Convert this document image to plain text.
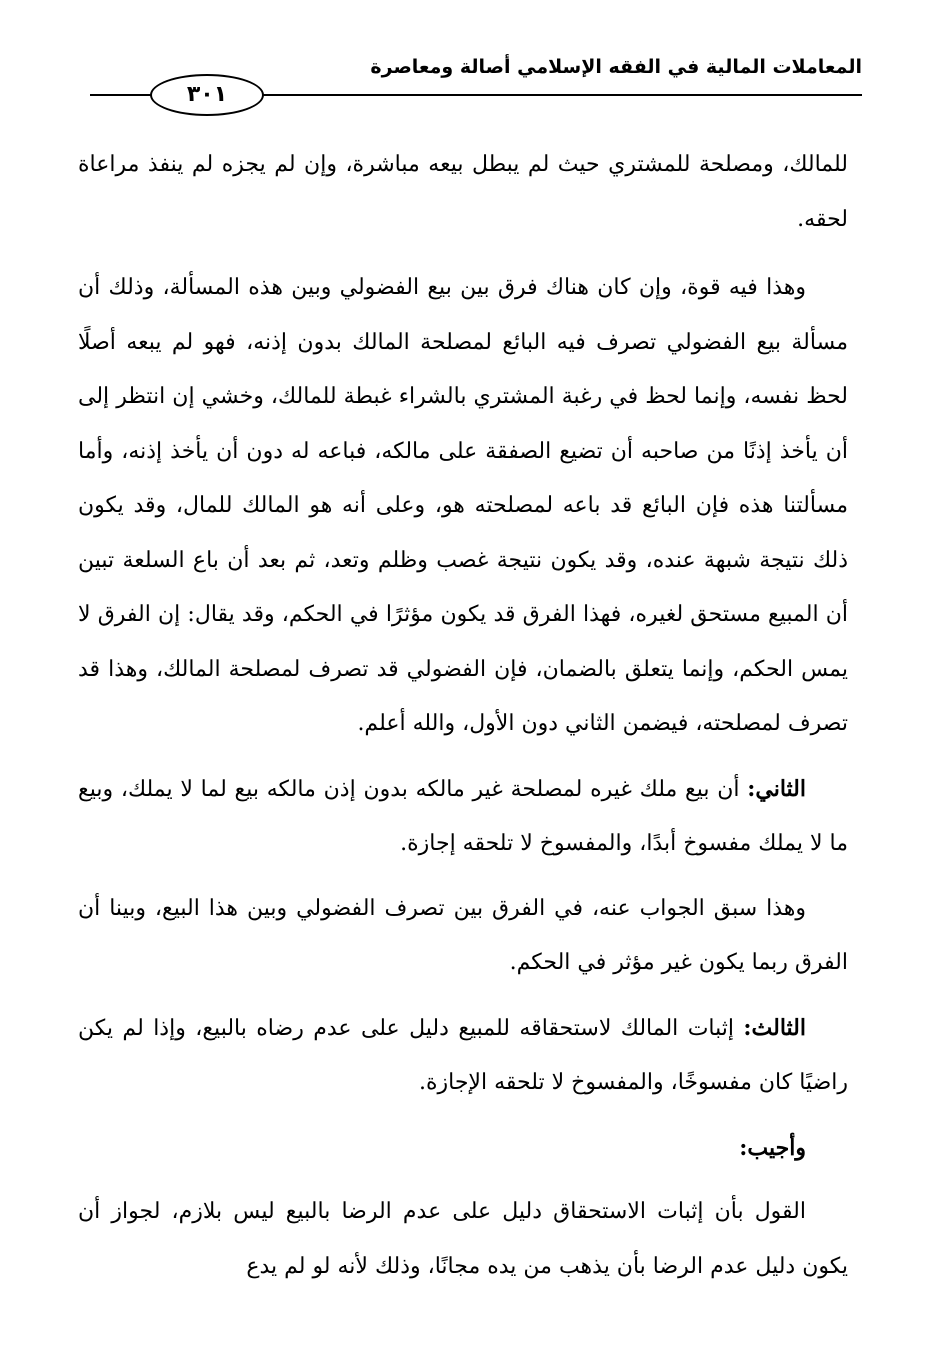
المعاملات المالية في الفقه الإسلامي أصالة ومعاصرة
٣٠١

للمالك، ومصلحة للمشتري حيث لم يبطل بيعه مباشرة، وإن لم يجزه لم ينفذ مراعاة لحقه.

وهذا فيه قوة، وإن كان هناك فرق بين بيع الفضولي وبين هذه المسألة، وذلك أن مسألة بيع الفضولي تصرف فيه البائع لمصلحة المالك بدون إذنه، فهو لم يبعه أصلًا لحظ نفسه، وإنما لحظ في رغبة المشتري بالشراء غبطة للمالك، وخشي إن انتظر إلى أن يأخذ إذنًا من صاحبه أن تضيع الصفقة على مالكه، فباعه له دون أن يأخذ إذنه، وأما مسألتنا هذه فإن البائع قد باعه لمصلحته هو، وعلى أنه هو المالك للمال، وقد يكون ذلك نتيجة شبهة عنده، وقد يكون نتيجة غصب وظلم وتعد، ثم بعد أن باع السلعة تبين أن المبيع مستحق لغيره، فهذا الفرق قد يكون مؤثرًا في الحكم، وقد يقال: إن الفرق لا يمس الحكم، وإنما يتعلق بالضمان، فإن الفضولي قد تصرف لمصلحة المالك، وهذا قد تصرف لمصلحته، فيضمن الثاني دون الأول، والله أعلم.

الثاني: أن بيع ملك غيره لمصلحة غير مالكه بدون إذن مالكه بيع لما لا يملك، وبيع ما لا يملك مفسوخ أبدًا، والمفسوخ لا تلحقه إجازة.

وهذا سبق الجواب عنه، في الفرق بين تصرف الفضولي وبين هذا البيع، وبينا أن الفرق ربما يكون غير مؤثر في الحكم.

الثالث: إثبات المالك لاستحقاقه للمبيع دليل على عدم رضاه بالبيع، وإذا لم يكن راضيًا كان مفسوخًا، والمفسوخ لا تلحقه الإجازة.

وأجيب:

القول بأن إثبات الاستحقاق دليل على عدم الرضا بالبيع ليس بلازم، لجواز أن يكون دليل عدم الرضا بأن يذهب من يده مجانًا، وذلك لأنه لو لم يدع
